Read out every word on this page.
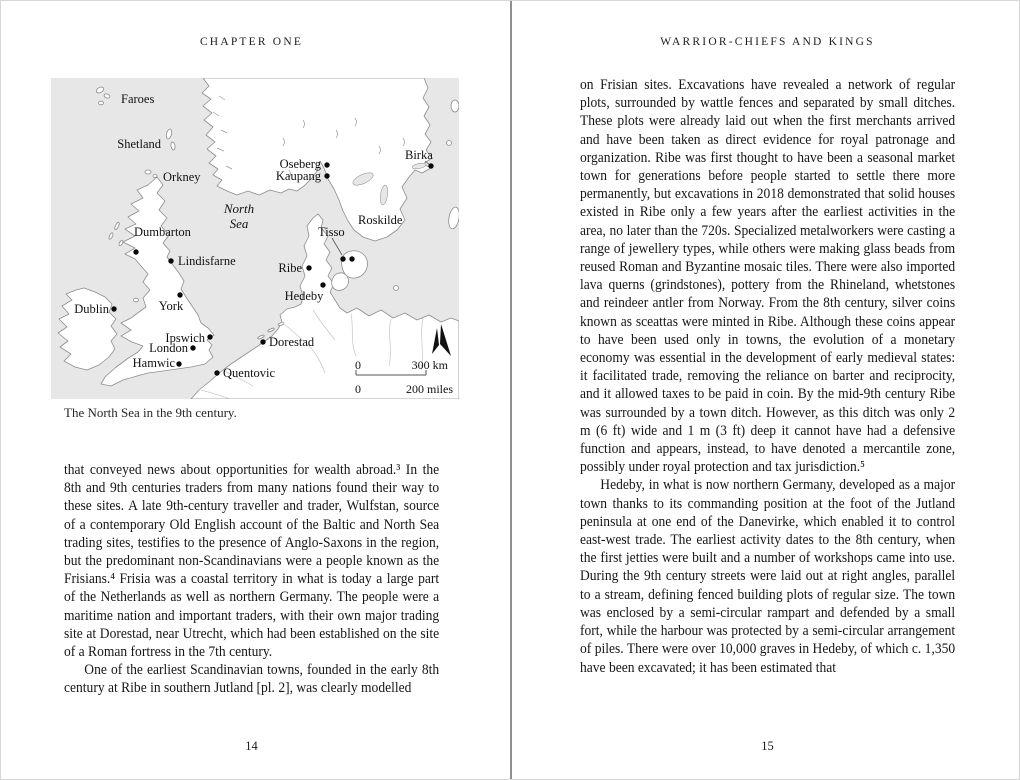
CHAPTER ONE
Faroes
Shetland
Orkney
Oseberg
Kaupang
Birka
North Sea
Dumbarton
Lindisfarne
Roskilde
Tisso
Ribe
Hedeby
Dublin	York
Ipswich
London
Hamwic
Dorestad
Quentovic
0	300 km
0	200 miles
The North Sea in the 9th century.

that conveyed news about opportunities for wealth abroad.³ In the 8th and 9th centuries traders from many nations found their way to these sites. A late 9th-century traveller and trader, Wulfstan, source of a contemporary Old English account of the Baltic and North Sea trading sites, testifies to the presence of Anglo-Saxons in the region, but the predominant non-Scandinavians were a people known as the Frisians.⁴ Frisia was a coastal territory in what is today a large part of the Netherlands as well as northern Germany. The people were a maritime nation and important traders, with their own major trading site at Dorestad, near Utrecht, which had been established on the site of a Roman fortress in the 7th century.

One of the earliest Scandinavian towns, founded in the early 8th century at Ribe in southern Jutland [pl. 2], was clearly modelled

14
WARRIOR-CHIEFS AND KINGS

on Frisian sites. Excavations have revealed a network of regular plots, surrounded by wattle fences and separated by small ditches. These plots were already laid out when the first merchants arrived and have been taken as direct evidence for royal patronage and organization. Ribe was first thought to have been a seasonal market town for generations before people started to settle there more permanently, but excavations in 2018 demonstrated that solid houses existed in Ribe only a few years after the earliest activities in the area, no later than the 720s. Specialized metalworkers were casting a range of jewellery types, while others were making glass beads from reused Roman and Byzantine mosaic tiles. There were also imported lava querns (grindstones), pottery from the Rhineland, whetstones and reindeer antler from Norway. From the 8th century, silver coins known as sceattas were minted in Ribe. Although these coins appear to have been used only in towns, the evolution of a monetary economy was essential in the development of early medieval states: it facilitated trade, removing the reliance on barter and reciprocity, and it allowed taxes to be paid in coin. By the mid-9th century Ribe was surrounded by a town ditch. However, as this ditch was only 2 m (6 ft) wide and 1 m (3 ft) deep it cannot have had a defensive function and appears, instead, to have denoted a mercantile zone, possibly under royal protection and tax jurisdiction.⁵

Hedeby, in what is now northern Germany, developed as a major town thanks to its commanding position at the foot of the Jutland peninsula at one end of the Danevirke, which enabled it to control east-west trade. The earliest activity dates to the 8th century, when the first jetties were built and a number of workshops came into use. During the 9th century streets were laid out at right angles, parallel to a stream, defining fenced building plots of regular size. The town was enclosed by a semi-circular rampart and defended by a small fort, while the harbour was protected by a semi-circular arrangement of piles. There were over 10,000 graves in Hedeby, of which c. 1,350 have been excavated; it has been estimated that

15
